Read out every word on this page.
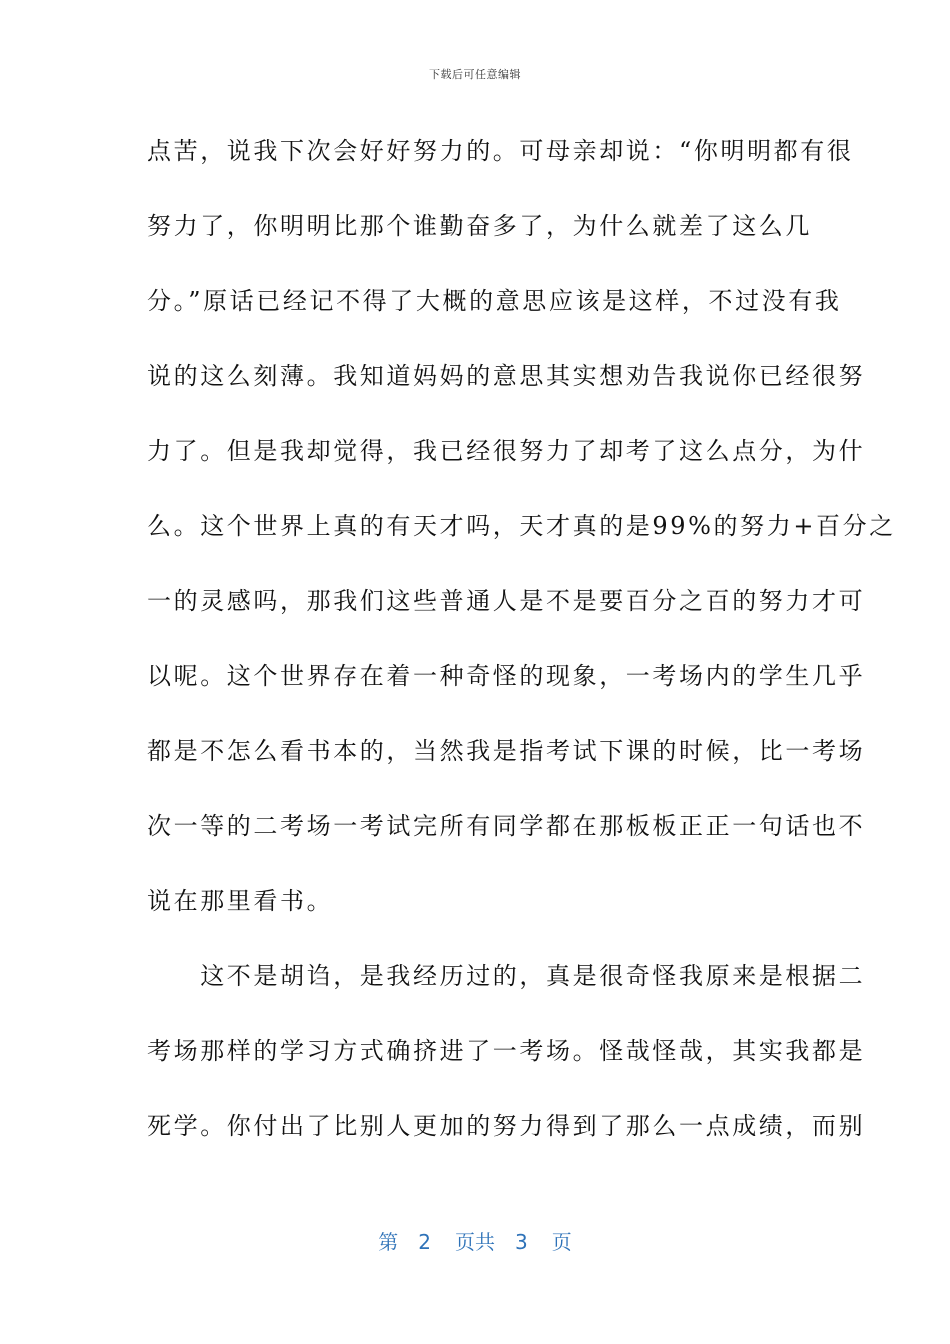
下载后可任意编辑
点苦，说我下次会好好努力的。可母亲却说：“你明明都有很
努力了，你明明比那个谁勤奋多了，为什么就差了这么几
分。”原话已经记不得了大概的意思应该是这样，不过没有我
说的这么刻薄。我知道妈妈的意思其实想劝告我说你已经很努
力了。但是我却觉得，我已经很努力了却考了这么点分，为什
么。这个世界上真的有天才吗，天才真的是99%的努力+百分之
一的灵感吗，那我们这些普通人是不是要百分之百的努力才可
以呢。这个世界存在着一种奇怪的现象，一考场内的学生几乎
都是不怎么看书本的，当然我是指考试下课的时候，比一考场
次一等的二考场一考试完所有同学都在那板板正正一句话也不
说在那里看书。
　　这不是胡诌，是我经历过的，真是很奇怪我原来是根据二
考场那样的学习方式确挤进了一考场。怪哉怪哉，其实我都是
死学。你付出了比别人更加的努力得到了那么一点成绩，而别
第 2 页共 3 页
